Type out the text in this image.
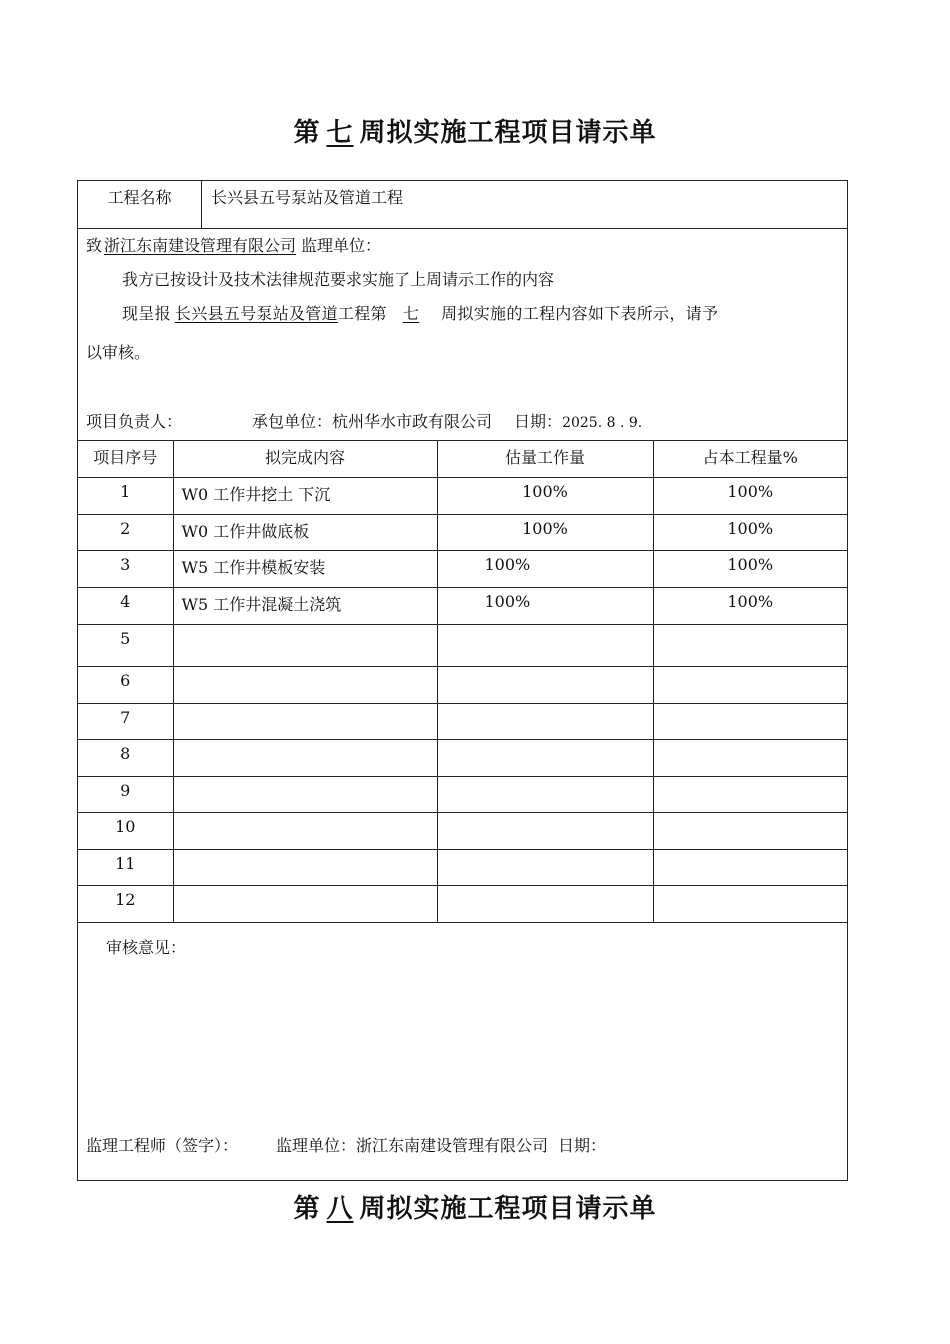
第 七 周拟实施工程项目请示单
工程名称	长兴县五号泵站及管道工程
致 浙江东南建设管理有限公司 监理单位：
我方已按设计及技术法律规范要求实施了上周请示工作的内容
现呈报 长兴县五号泵站及管道工程第 七 周拟实施的工程内容如下表所示，请予
以审核。
项目负责人：	承包单位：杭州华水市政有限公司 日期：2025. 8 . 9.
项目序号	拟完成内容	估量工作量	占本工程量%

1	W0 工作井挖土 下沉	100%	100%

2	W0 工作井做底板	100%	100%

3	W5 工作井模板安装	100%	100%

4	W5 工作井混凝土浇筑	100%	100%

5			

6			

7			

8			

9			

10			

11			

12			

审核意见：
监理工程师（签字）： 监理单位：浙江东南建设管理有限公司 日期：
第 八 周拟实施工程项目请示单
